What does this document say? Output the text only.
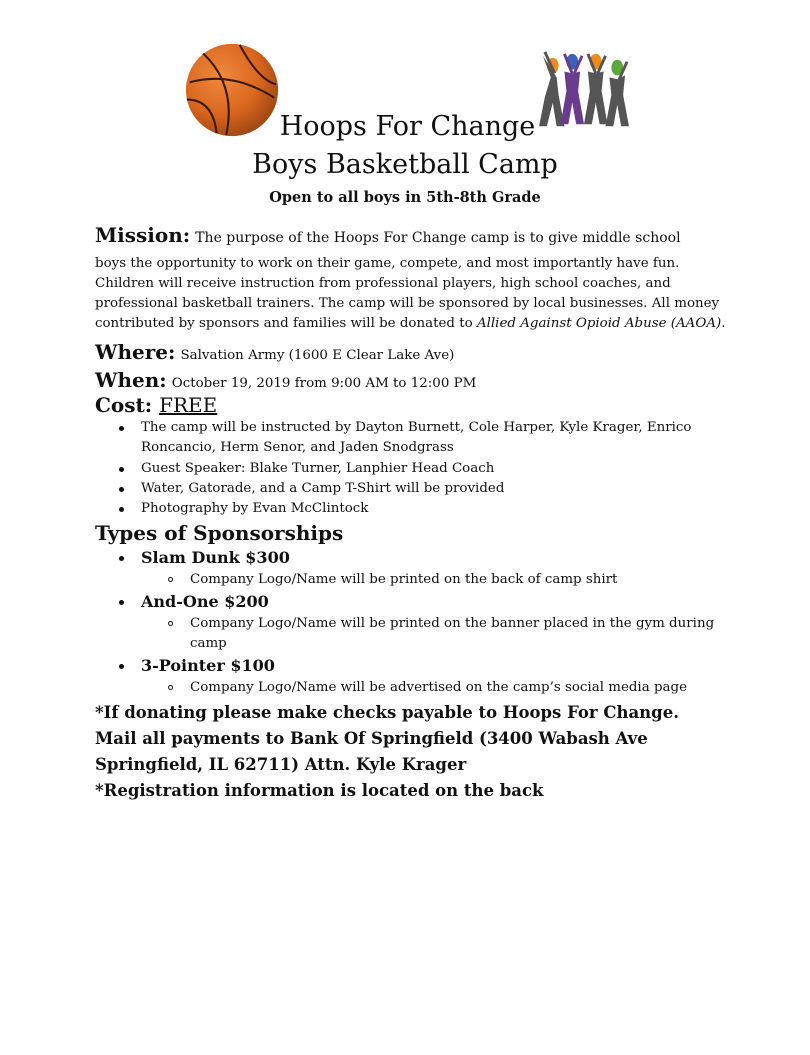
Hoops For Change
Boys Basketball Camp
Open to all boys in 5th-8th Grade
Mission: The purpose of the Hoops For Change camp is to give middle school
boys the opportunity to work on their game, compete, and most importantly have fun. Children will receive instruction from professional players, high school coaches, and professional basketball trainers. The camp will be sponsored by local businesses. All money contributed by sponsors and families will be donated to Allied Against Opioid Abuse (AAOA).
Where: Salvation Army (1600 E Clear Lake Ave)
When: October 19, 2019 from 9:00 AM to 12:00 PM
Cost: FREE
The camp will be instructed by Dayton Burnett, Cole Harper, Kyle Krager, Enrico Roncancio, Herm Senor, and Jaden Snodgrass
Guest Speaker: Blake Turner, Lanphier Head Coach
Water, Gatorade, and a Camp T-Shirt will be provided
Photography by Evan McClintock
Types of Sponsorships
Slam Dunk $300
Company Logo/Name will be printed on the back of camp shirt
And-One $200
Company Logo/Name will be printed on the banner placed in the gym during camp
3-Pointer $100
Company Logo/Name will be advertised on the camp’s social media page
*If donating please make checks payable to Hoops For Change.
Mail all payments to Bank Of Springfield (3400 Wabash Ave
Springfield, IL 62711) Attn. Kyle Krager
*Registration information is located on the back
